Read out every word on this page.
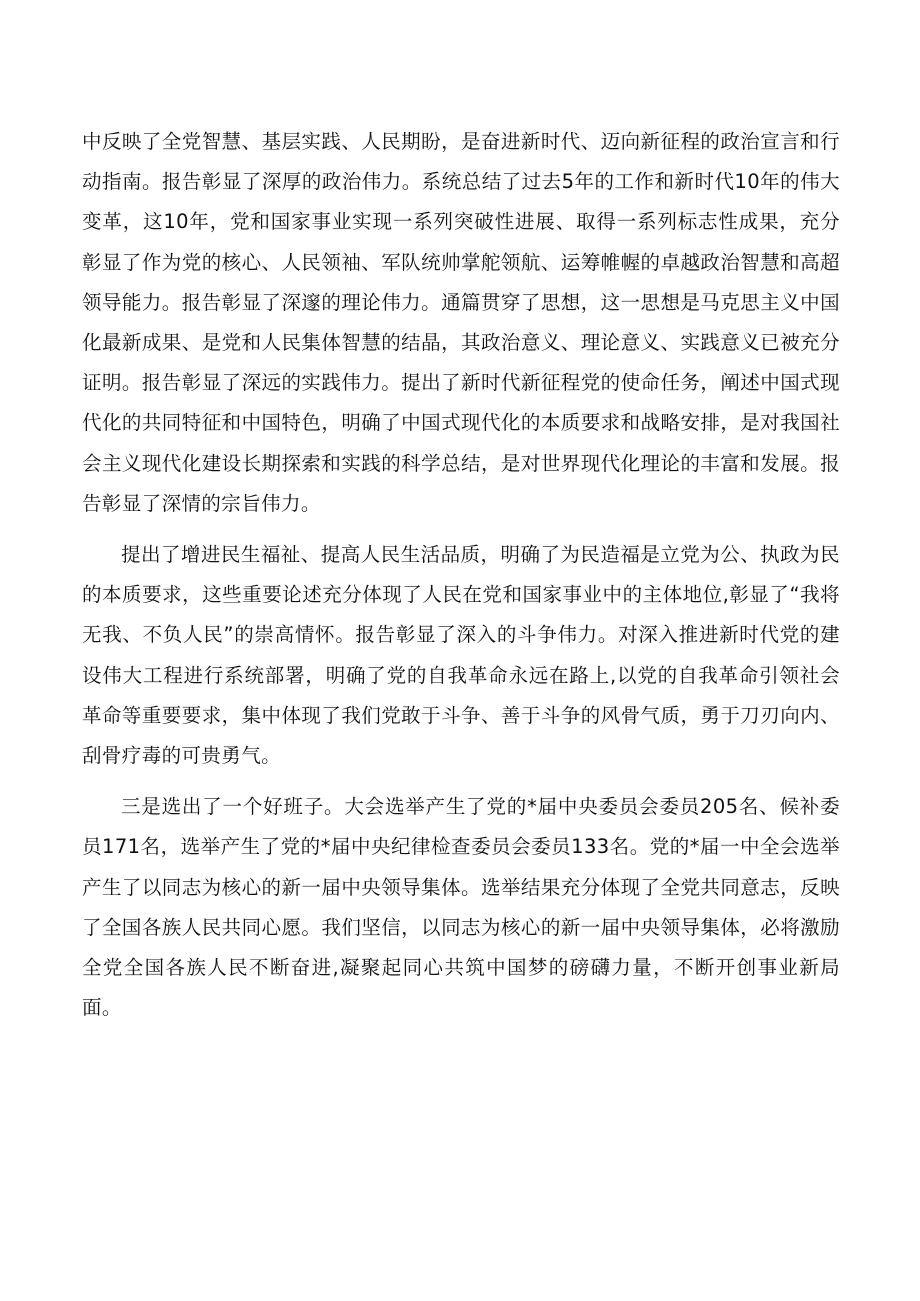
中反映了全党智慧、基层实践、人民期盼，是奋进新时代、迈向新征程的政治宣言和行动指南。报告彰显了深厚的政治伟力。系统总结了过去5年的工作和新时代10年的伟大变革，这10年，党和国家事业实现一系列突破性进展、取得一系列标志性成果，充分彰显了作为党的核心、人民领袖、军队统帅掌舵领航、运筹帷幄的卓越政治智慧和高超领导能力。报告彰显了深邃的理论伟力。通篇贯穿了思想，这一思想是马克思主义中国化最新成果、是党和人民集体智慧的结晶，其政治意义、理论意义、实践意义已被充分证明。报告彰显了深远的实践伟力。提出了新时代新征程党的使命任务，阐述中国式现代化的共同特征和中国特色，明确了中国式现代化的本质要求和战略安排，是对我国社会主义现代化建设长期探索和实践的科学总结，是对世界现代化理论的丰富和发展。报告彰显了深情的宗旨伟力。

提出了增进民生福祉、提高人民生活品质，明确了为民造福是立党为公、执政为民的本质要求，这些重要论述充分体现了人民在党和国家事业中的主体地位,彰显了“我将无我、不负人民”的崇高情怀。报告彰显了深入的斗争伟力。对深入推进新时代党的建设伟大工程进行系统部署，明确了党的自我革命永远在路上,以党的自我革命引领社会革命等重要要求，集中体现了我们党敢于斗争、善于斗争的风骨气质，勇于刀刃向内、刮骨疗毒的可贵勇气。

三是选出了一个好班子。大会选举产生了党的*届中央委员会委员205名、候补委员171名，选举产生了党的*届中央纪律检查委员会委员133名。党的*届一中全会选举产生了以同志为核心的新一届中央领导集体。选举结果充分体现了全党共同意志，反映了全国各族人民共同心愿。我们坚信，以同志为核心的新一届中央领导集体，必将激励全党全国各族人民不断奋进,凝聚起同心共筑中国梦的磅礴力量，不断开创事业新局面。
